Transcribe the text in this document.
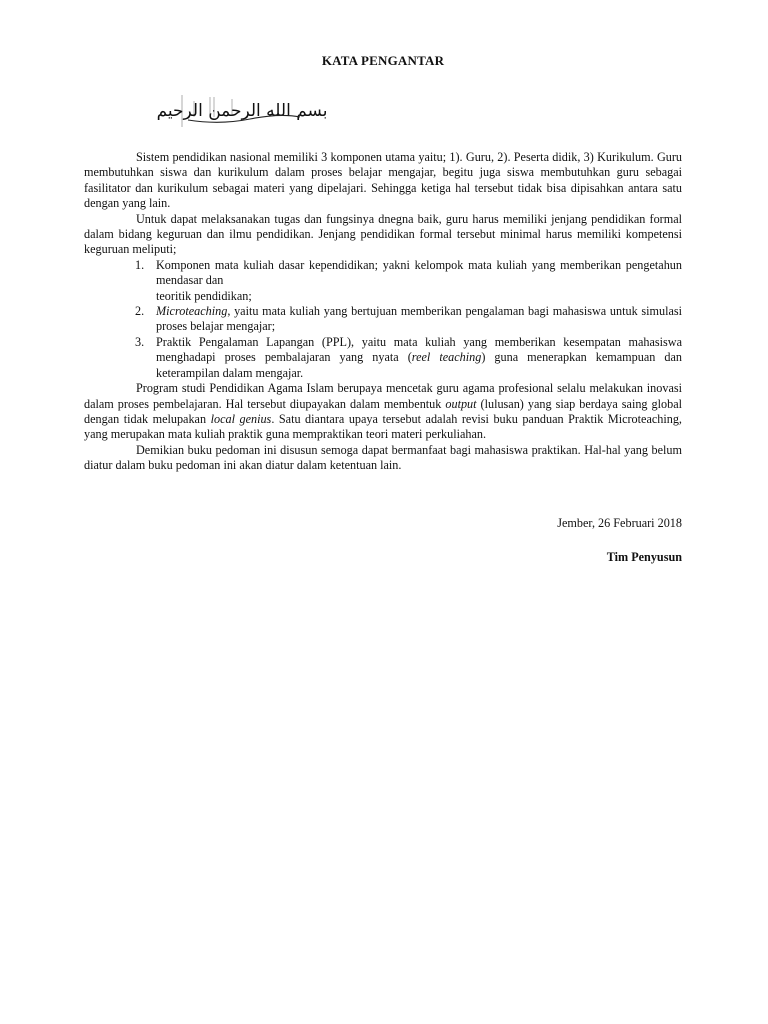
KATA PENGANTAR
بسم الله الرحمن الرحيم

Sistem pendidikan nasional memiliki 3 komponen utama yaitu; 1). Guru, 2). Peserta didik, 3) Kurikulum. Guru membutuhkan siswa dan kurikulum dalam proses belajar mengajar, begitu juga siswa membutuhkan guru sebagai fasilitator dan kurikulum sebagai materi yang dipelajari. Sehingga ketiga hal tersebut tidak bisa dipisahkan antara satu dengan yang lain.

Untuk dapat melaksanakan tugas dan fungsinya dnegna baik, guru harus memiliki jenjang pendidikan formal dalam bidang keguruan dan ilmu pendidikan. Jenjang pendidikan formal tersebut minimal harus memiliki kompetensi keguruan meliputi;

1. Komponen mata kuliah dasar kependidikan; yakni kelompok mata kuliah yang memberikan pengetahun mendasar dan
teoritik pendidikan;
2. Microteaching, yaitu mata kuliah yang bertujuan memberikan pengalaman bagi mahasiswa untuk simulasi proses belajar mengajar;
3. Praktik Pengalaman Lapangan (PPL), yaitu mata kuliah yang memberikan kesempatan mahasiswa menghadapi proses pembalajaran yang nyata (reel teaching) guna menerapkan kemampuan dan keterampilan dalam mengajar.

Program studi Pendidikan Agama Islam berupaya mencetak guru agama profesional selalu melakukan inovasi dalam proses pembelajaran. Hal tersebut diupayakan dalam membentuk output (lulusan) yang siap berdaya saing global dengan tidak melupakan local genius. Satu diantara upaya tersebut adalah revisi buku panduan Praktik Microteaching, yang merupakan mata kuliah praktik guna mempraktikan teori materi perkuliahan.

Demikian buku pedoman ini disusun semoga dapat bermanfaat bagi mahasiswa praktikan. Hal-hal yang belum diatur dalam buku pedoman ini akan diatur dalam ketentuan lain.

Jember, 26 Februari 2018
Tim Penyusun
